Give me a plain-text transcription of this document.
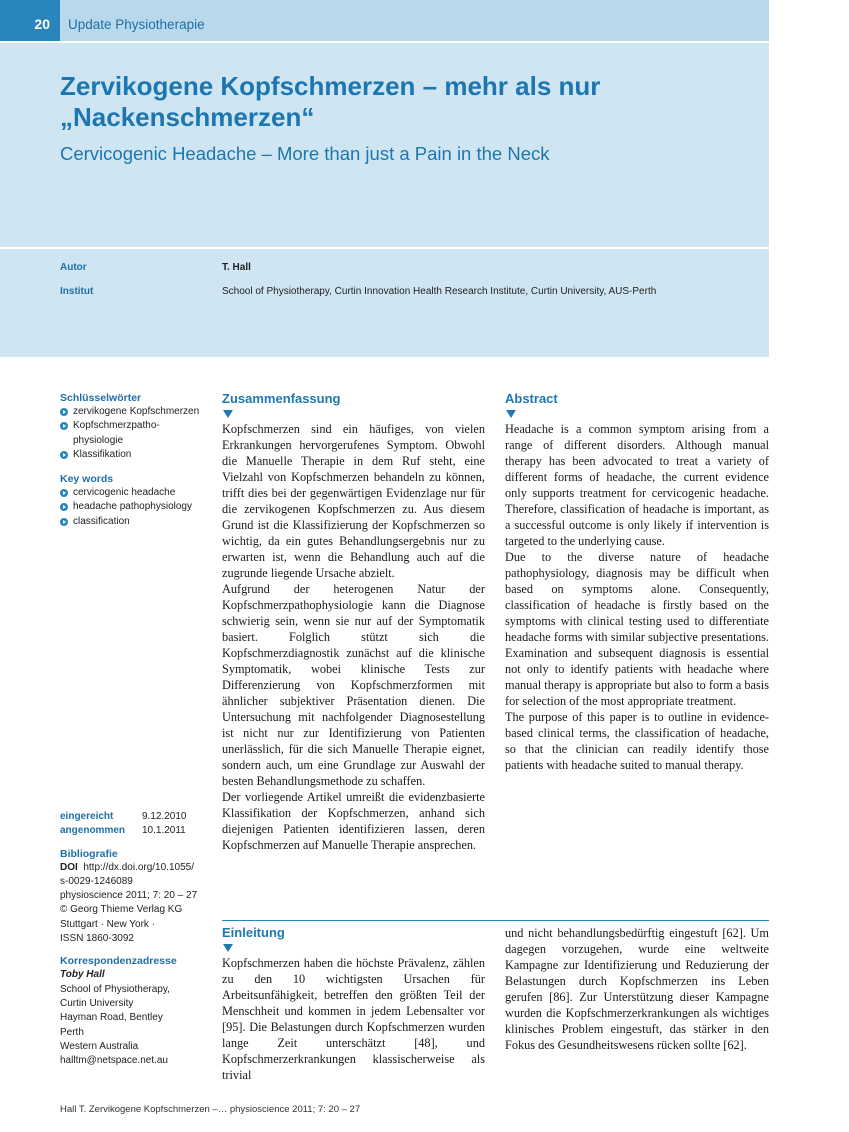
20	Update Physiotherapie
Zervikogene Kopfschmerzen – mehr als nur
„Nackenschmerzen“
Cervicogenic Headache – More than just a Pain in the Neck
Autor	T. Hall
Institut	School of Physiotherapy, Curtin Innovation Health Research Institute, Curtin University, AUS-Perth
Schlüsselwörter
zervikogene Kopfschmerzen
Kopfschmerzpatho-
physiologie
Klassifikation
Key words
cervicogenic headache
headache pathophysiology
classification
eingereicht	9.12.2010
angenommen	10.1.2011
Bibliografie
DOI http://dx.doi.org/10.1055/
s-0029-1246089
physioscience 2011; 7: 20 – 27
© Georg Thieme Verlag KG
Stuttgart · New York ·
ISSN 1860-3092
Korrespondenzadresse
Toby Hall
School of Physiotherapy,
Curtin University
Hayman Road, Bentley
Perth
Western Australia
halltm@netspace.net.au
Zusammenfassung

Kopfschmerzen sind ein häufiges, von vielen Erkrankungen hervorgerufenes Symptom. Obwohl die Manuelle Therapie in dem Ruf steht, eine Vielzahl von Kopfschmerzen behandeln zu können, trifft dies bei der gegenwärtigen Evidenzlage nur für die zervikogenen Kopfschmerzen zu. Aus diesem Grund ist die Klassifizierung der Kopfschmerzen so wichtig, da ein gutes Behandlungsergebnis nur zu erwarten ist, wenn die Behandlung auch auf die zugrunde liegende Ursache abzielt.

Aufgrund der heterogenen Natur der Kopfschmerzpathophysiologie kann die Diagnose schwierig sein, wenn sie nur auf der Symptomatik basiert. Folglich stützt sich die Kopfschmerzdiagnostik zunächst auf die klinische Symptomatik, wobei klinische Tests zur Differenzierung von Kopfschmerzformen mit ähnlicher subjektiver Präsentation dienen. Die Untersuchung mit nachfolgender Diagnosestellung ist nicht nur zur Identifizierung von Patienten unerlässlich, für die sich Manuelle Therapie eignet, sondern auch, um eine Grundlage zur Auswahl der besten Behandlungsmethode zu schaffen.

Der vorliegende Artikel umreißt die evidenzbasierte Klassifikation der Kopfschmerzen, anhand sich diejenigen Patienten identifizieren lassen, deren Kopfschmerzen auf Manuelle Therapie ansprechen.

Abstract

Headache is a common symptom arising from a range of different disorders. Although manual therapy has been advocated to treat a variety of different forms of headache, the current evidence only supports treatment for cervicogenic headache. Therefore, classification of headache is important, as a successful outcome is only likely if intervention is targeted to the underlying cause.

Due to the diverse nature of headache pathophysiology, diagnosis may be difficult when based on symptoms alone. Consequently, classification of headache is firstly based on the symptoms with clinical testing used to differentiate headache forms with similar subjective presentations. Examination and subsequent diagnosis is essential not only to identify patients with headache where manual therapy is appropriate but also to form a basis for selection of the most appropriate treatment.

The purpose of this paper is to outline in evidence-based clinical terms, the classification of headache, so that the clinician can readily identify those patients with headache suited to manual therapy.

Einleitung

Kopfschmerzen haben die höchste Prävalenz, zählen zu den 10 wichtigsten Ursachen für Arbeitsunfähigkeit, betreffen den größten Teil der Menschheit und kommen in jedem Lebensalter vor [95]. Die Belastungen durch Kopfschmerzen wurden lange Zeit unterschätzt [48], und Kopfschmerzerkrankungen klassischerweise als trivial

und nicht behandlungsbedürftig eingestuft [62]. Um dagegen vorzugehen, wurde eine weltweite Kampagne zur Identifizierung und Reduzierung der Belastungen durch Kopfschmerzen ins Leben gerufen [86]. Zur Unterstützung dieser Kampagne wurden die Kopfschmerzerkrankungen als wichtiges klinisches Problem eingestuft, das stärker in den Fokus des Gesundheitswesens rücken sollte [62].

Hall T. Zervikogene Kopfschmerzen –… physioscience 2011; 7: 20 – 27
